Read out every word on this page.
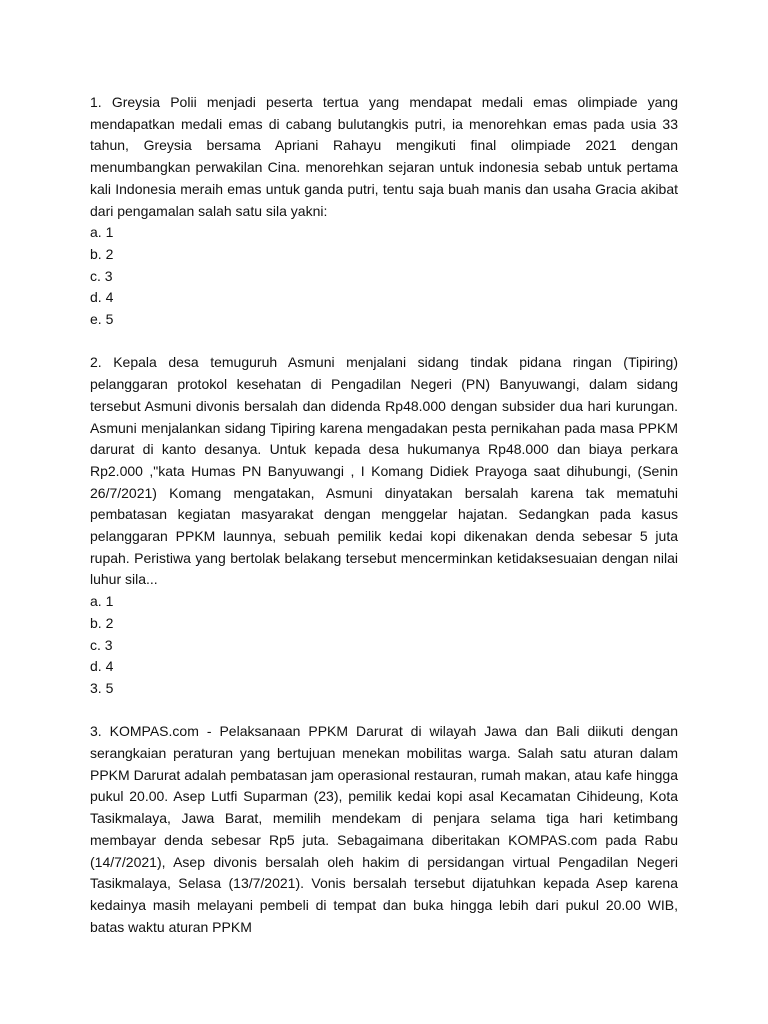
1. Greysia Polii menjadi peserta tertua yang mendapat medali emas olimpiade yang mendapatkan medali emas di cabang bulutangkis putri, ia menorehkan emas pada usia 33 tahun, Greysia bersama Apriani Rahayu mengikuti final olimpiade 2021 dengan menumbangkan perwakilan Cina. menorehkan sejaran untuk indonesia sebab untuk pertama kali Indonesia meraih emas untuk ganda putri, tentu saja buah manis dan usaha Gracia akibat dari pengamalan salah satu sila yakni:

a. 1
b. 2
c. 3
d. 4
e. 5

2. Kepala desa temuguruh Asmuni menjalani sidang tindak pidana ringan (Tipiring) pelanggaran protokol kesehatan di Pengadilan Negeri (PN) Banyuwangi, dalam sidang tersebut Asmuni divonis bersalah dan didenda Rp48.000 dengan subsider dua hari kurungan. Asmuni menjalankan sidang Tipiring karena mengadakan pesta pernikahan pada masa PPKM darurat di kanto desanya. Untuk kepada desa hukumanya Rp48.000 dan biaya perkara Rp2.000 ,"kata Humas PN Banyuwangi , I Komang Didiek Prayoga saat dihubungi, (Senin 26/7/2021) Komang mengatakan, Asmuni dinyatakan bersalah karena tak mematuhi pembatasan kegiatan masyarakat dengan menggelar hajatan. Sedangkan pada kasus pelanggaran PPKM launnya, sebuah pemilik kedai kopi dikenakan denda sebesar 5 juta rupah. Peristiwa yang bertolak belakang tersebut mencerminkan ketidaksesuaian dengan nilai luhur sila...

a. 1
b. 2
c. 3
d. 4
3. 5

3. KOMPAS.com - Pelaksanaan PPKM Darurat di wilayah Jawa dan Bali diikuti dengan serangkaian peraturan yang bertujuan menekan mobilitas warga. Salah satu aturan dalam PPKM Darurat adalah pembatasan jam operasional restauran, rumah makan, atau kafe hingga pukul 20.00. Asep Lutfi Suparman (23), pemilik kedai kopi asal Kecamatan Cihideung, Kota Tasikmalaya, Jawa Barat, memilih mendekam di penjara selama tiga hari ketimbang membayar denda sebesar Rp5 juta. Sebagaimana diberitakan KOMPAS.com pada Rabu (14/7/2021), Asep divonis bersalah oleh hakim di persidangan virtual Pengadilan Negeri Tasikmalaya, Selasa (13/7/2021). Vonis bersalah tersebut dijatuhkan kepada Asep karena kedainya masih melayani pembeli di tempat dan buka hingga lebih dari pukul 20.00 WIB, batas waktu aturan PPKM
